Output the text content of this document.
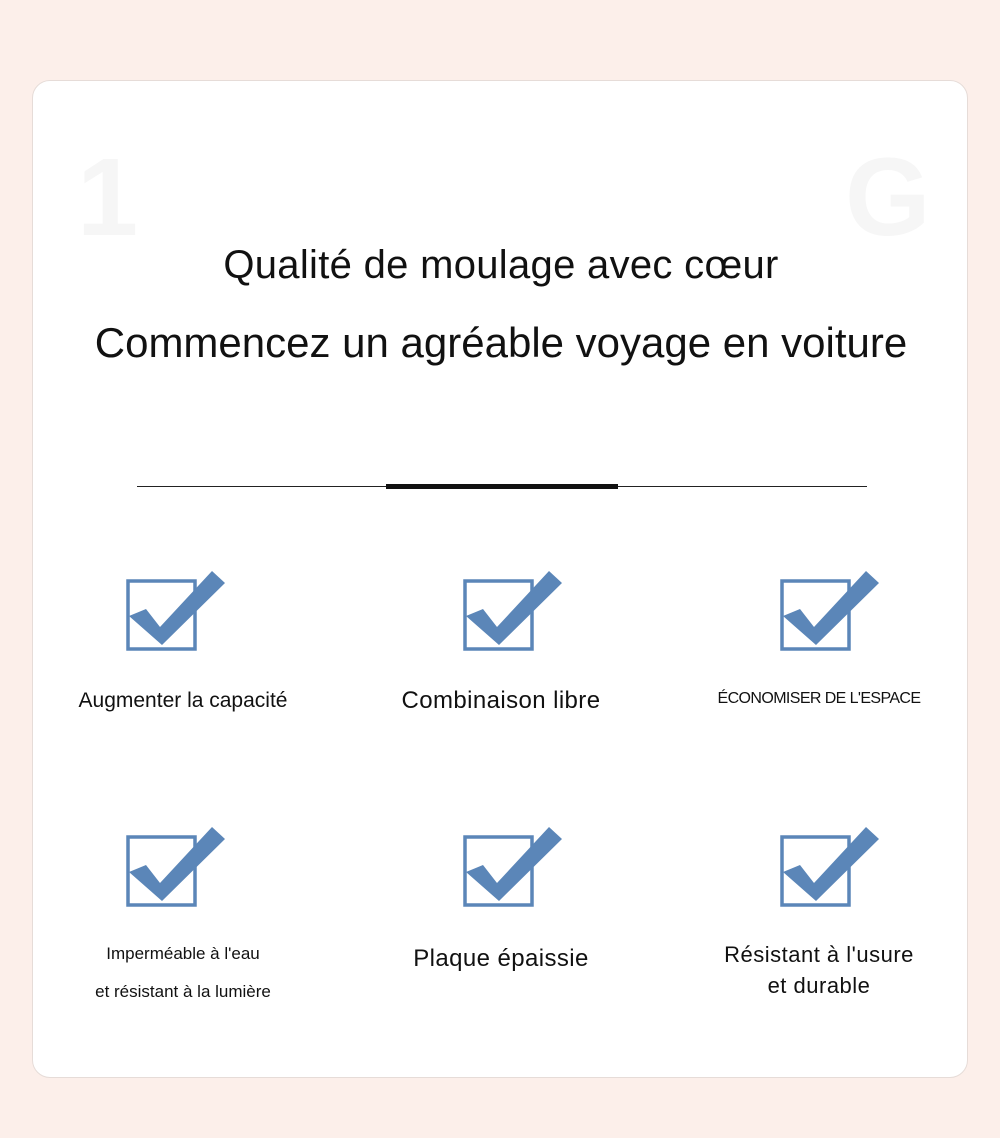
1	G
Qualité de moulage avec cœur
Commencez un agréable voyage en voiture
Augmenter la capacité	Combinaison libre	ÉCONOMISER DE L'ESPACE
Imperméable à l'eau
et résistant à la lumière
Plaque épaissie	Résistant à l'usure
et durable
